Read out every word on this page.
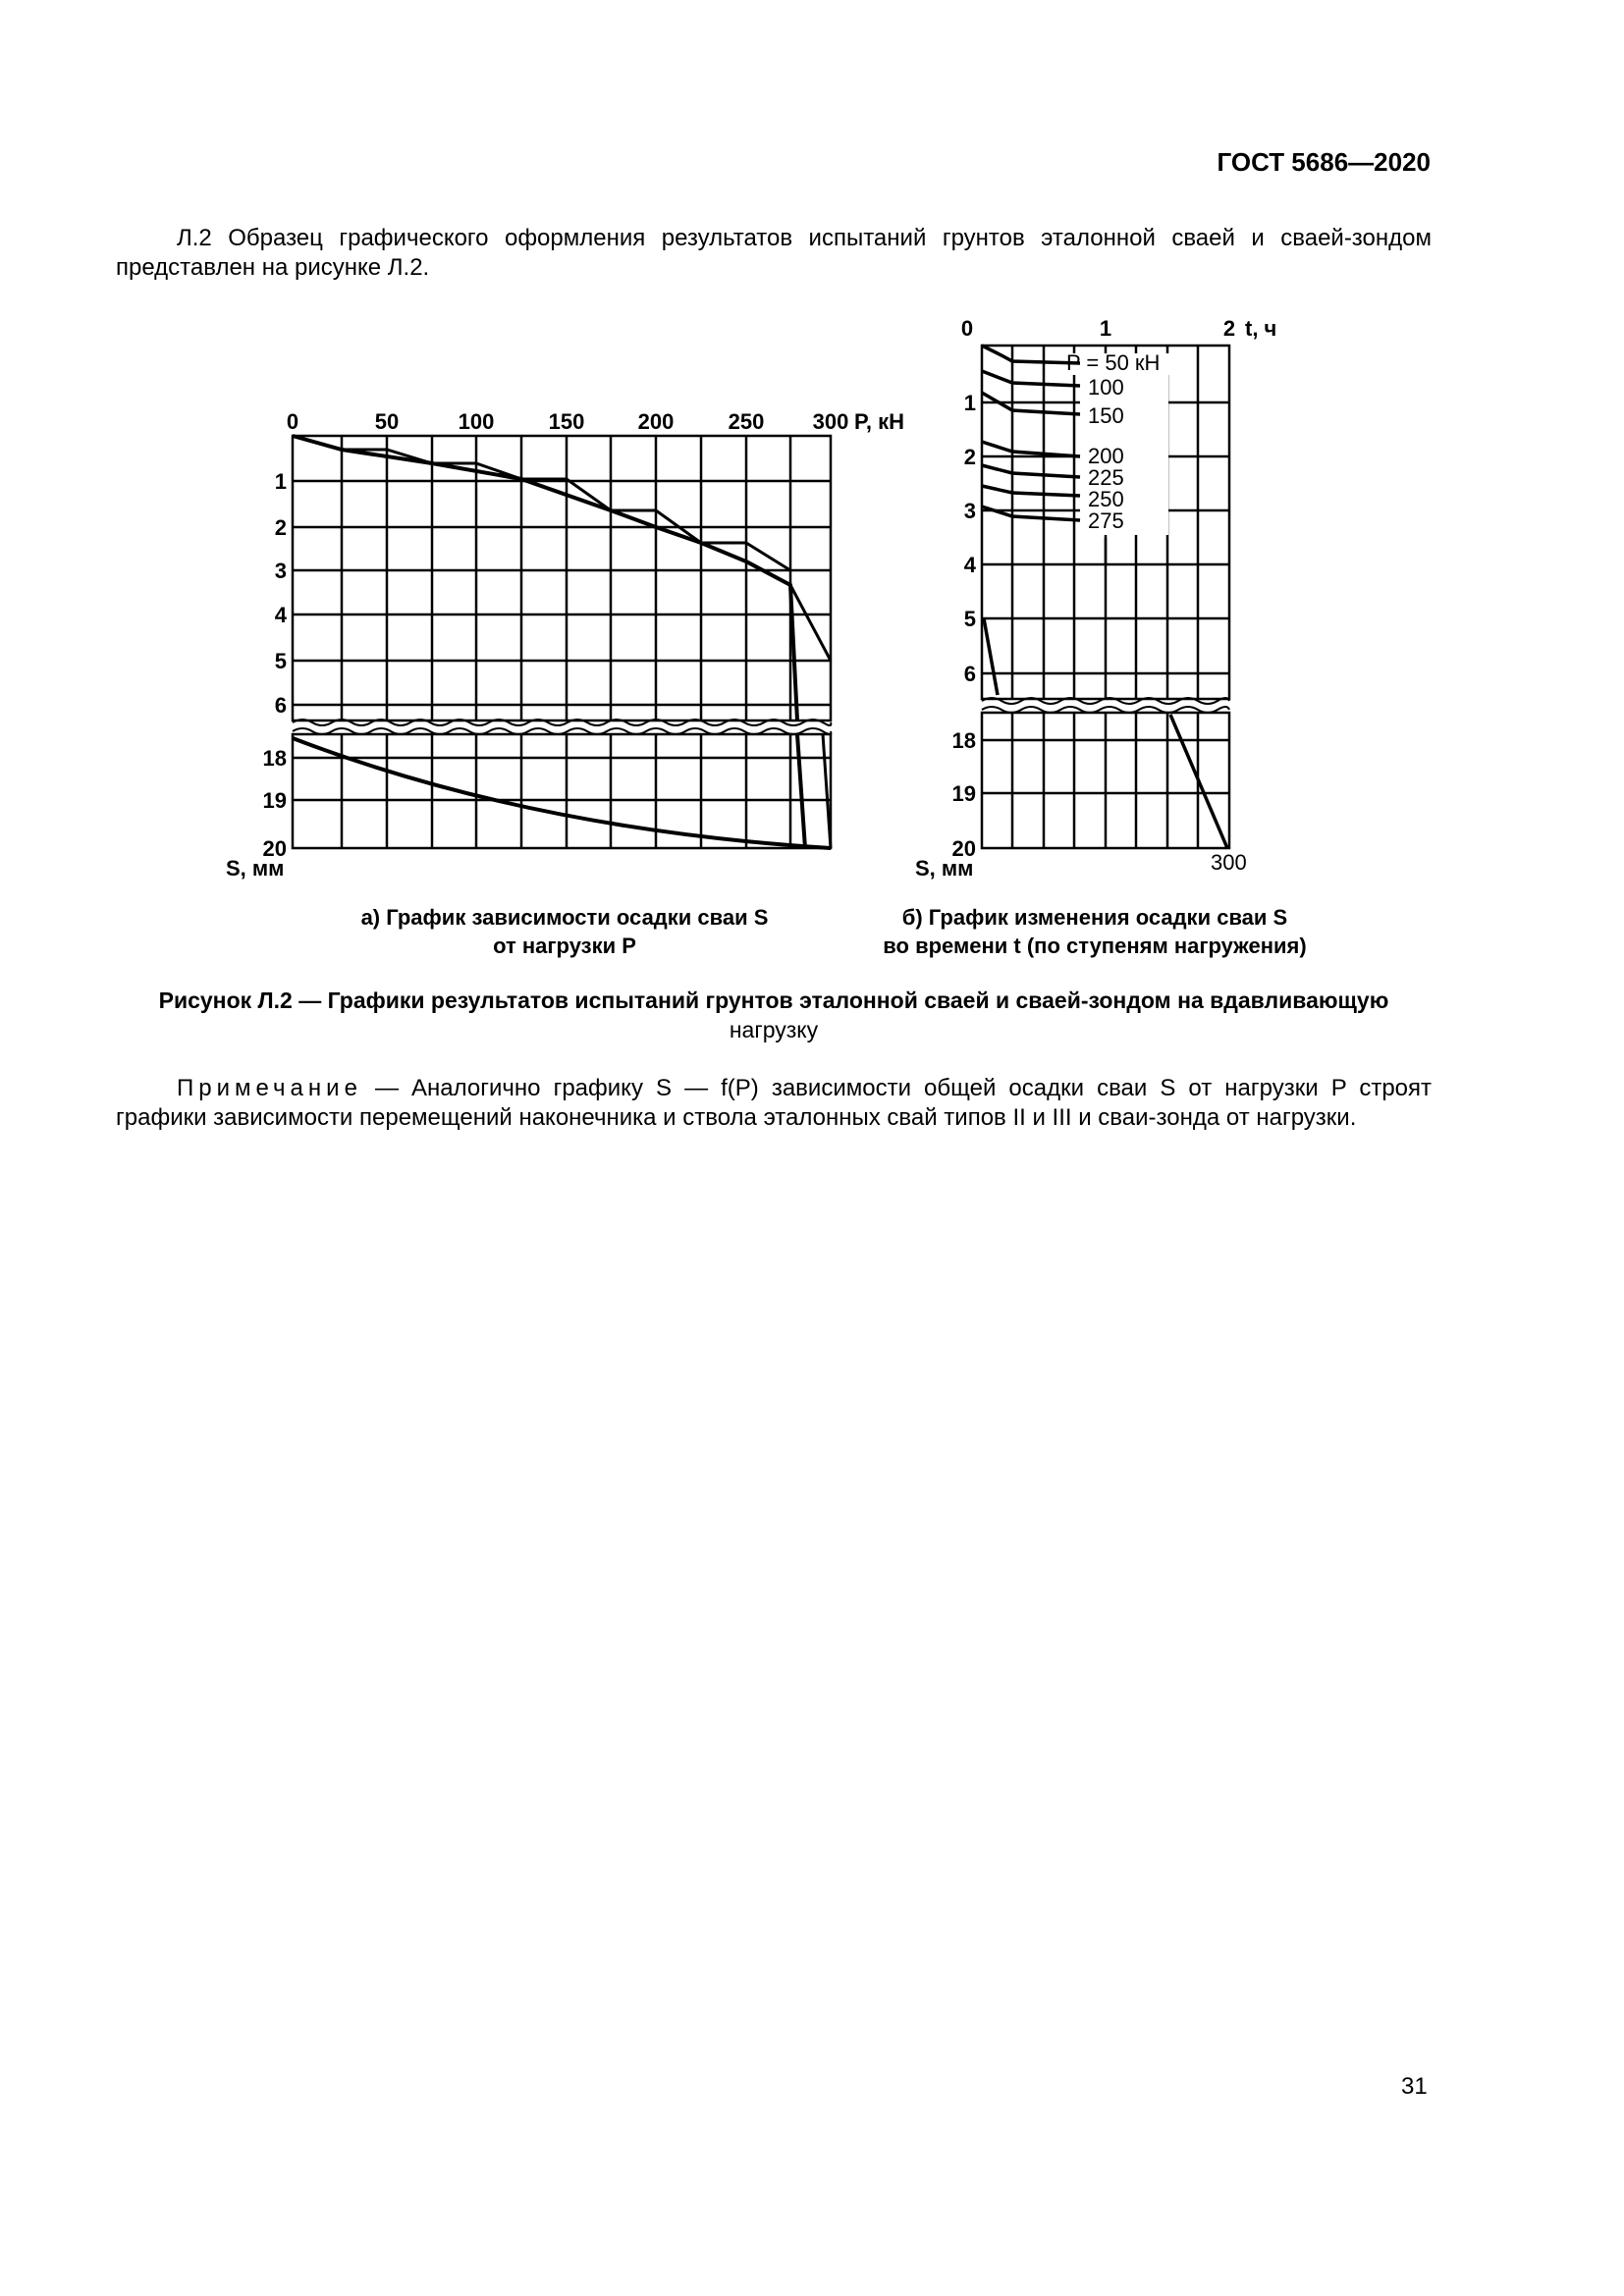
ГОСТ 5686—2020
Л.2 Образец графического оформления результатов испытаний грунтов эталонной сваей и сваей-зондом представлен на рисунке Л.2.
0	50	100	150 200	250 300 P, кН
1
2
3
4
5
6
18
19
20
S, мм
0	1	2 t, ч
1
2
3
4
5
6
18
19
20
S, мм
P = 50 кН
100
150
200
225
250
275
300
а) График зависимости осадки сваи S
от нагрузки P
б) График изменения осадки сваи S
во времени t (по ступеням нагружения)
Рисунок Л.2 — Графики результатов испытаний грунтов эталонной сваей и сваей-зондом на вдавливающую
нагрузку
Примечание — Аналогично графику S — f(P) зависимости общей осадки сваи S от нагрузки P строят графики зависимости перемещений наконечника и ствола эталонных свай типов II и III и сваи-зонда от нагрузки.
31
